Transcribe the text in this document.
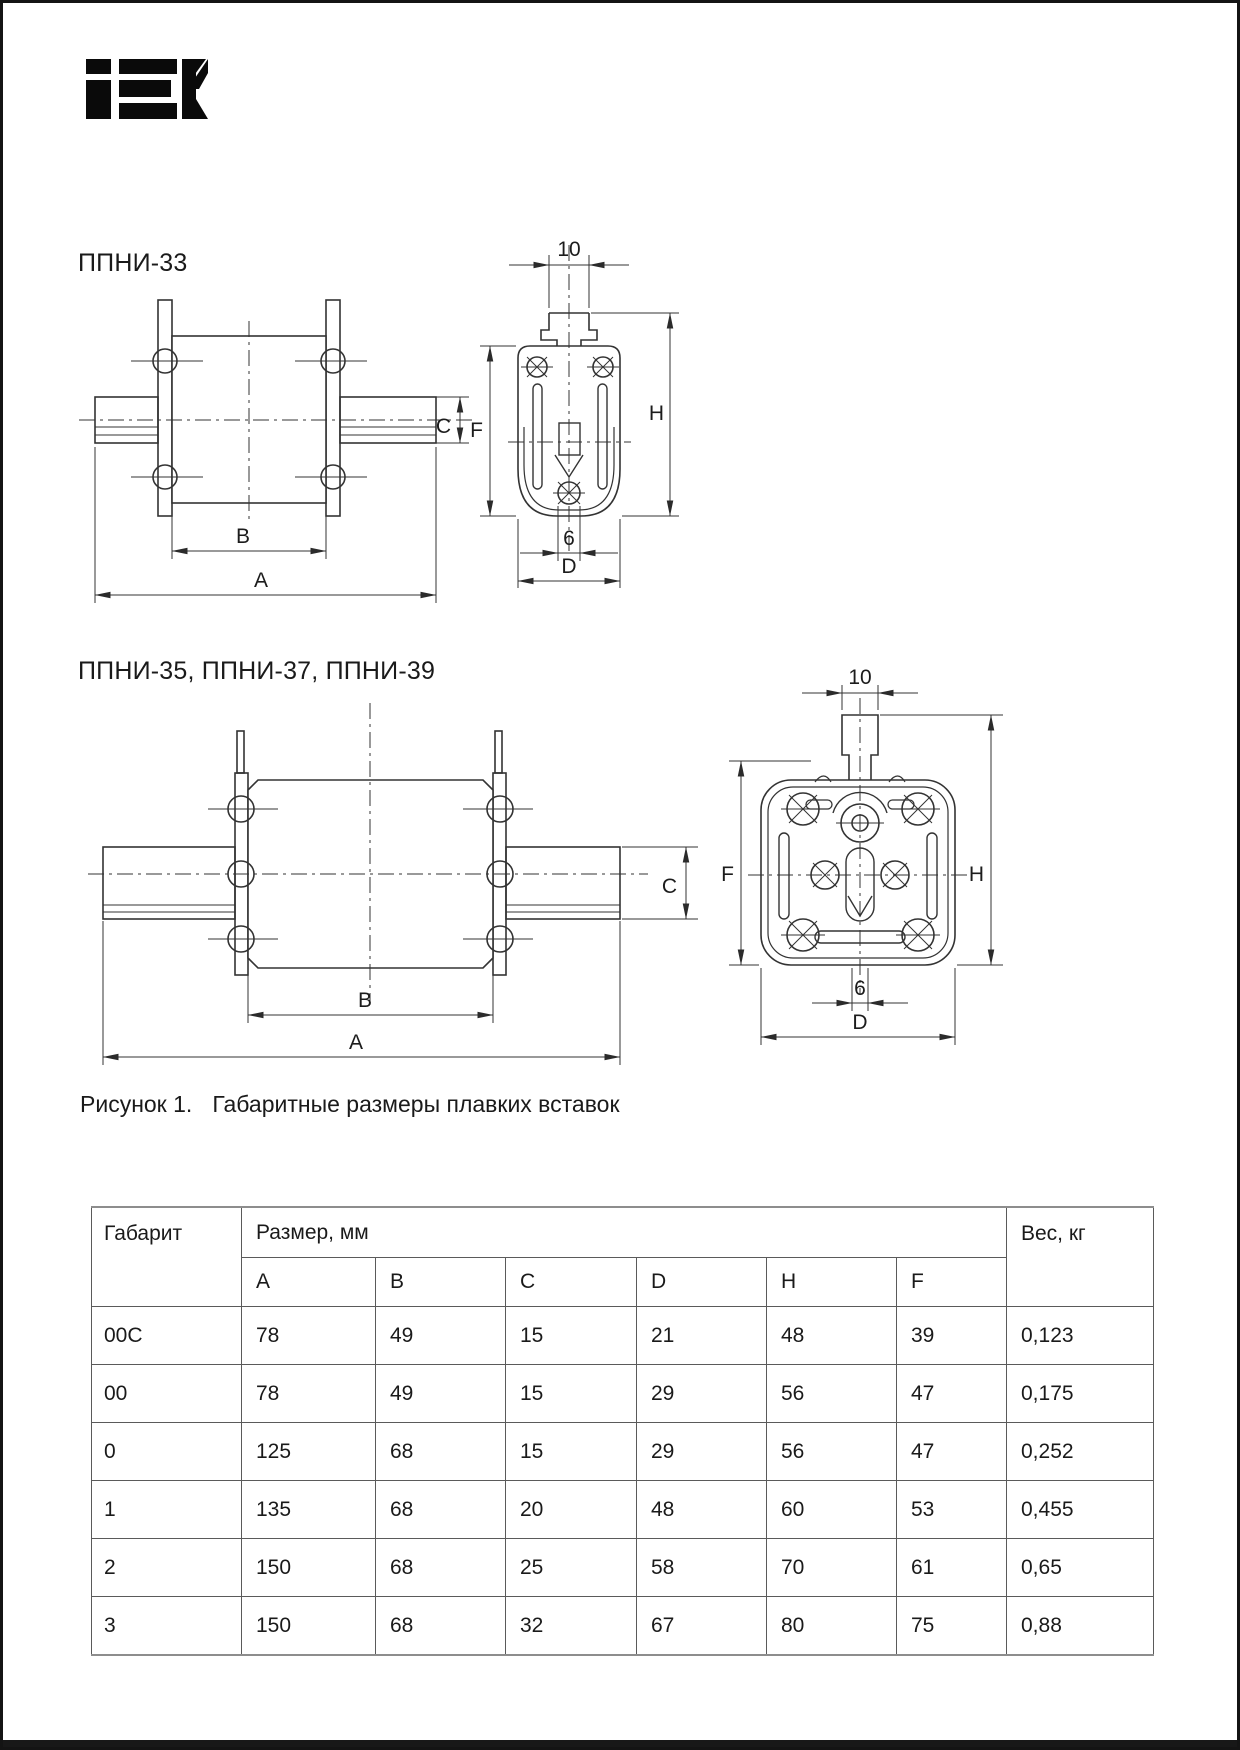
ППНИ-33
ППНИ-35, ППНИ-37, ППНИ-39
B
A
C
10
F
H
6
D
B
A
C
10
F	H
6
D
Рисунок 1. Габаритные размеры плавких вставок
Габарит	Размер, мм						Вес, кг
	A	B	C	D	H	F	
00C	78	49	15	21	48	39	0,123
00	78	49	15	29	56	47	0,175
0	125	68	15	29	56	47	0,252
1	135	68	20	48	60	53	0,455
2	150	68	25	58	70	61	0,65
3	150	68	32	67	80	75	0,88
